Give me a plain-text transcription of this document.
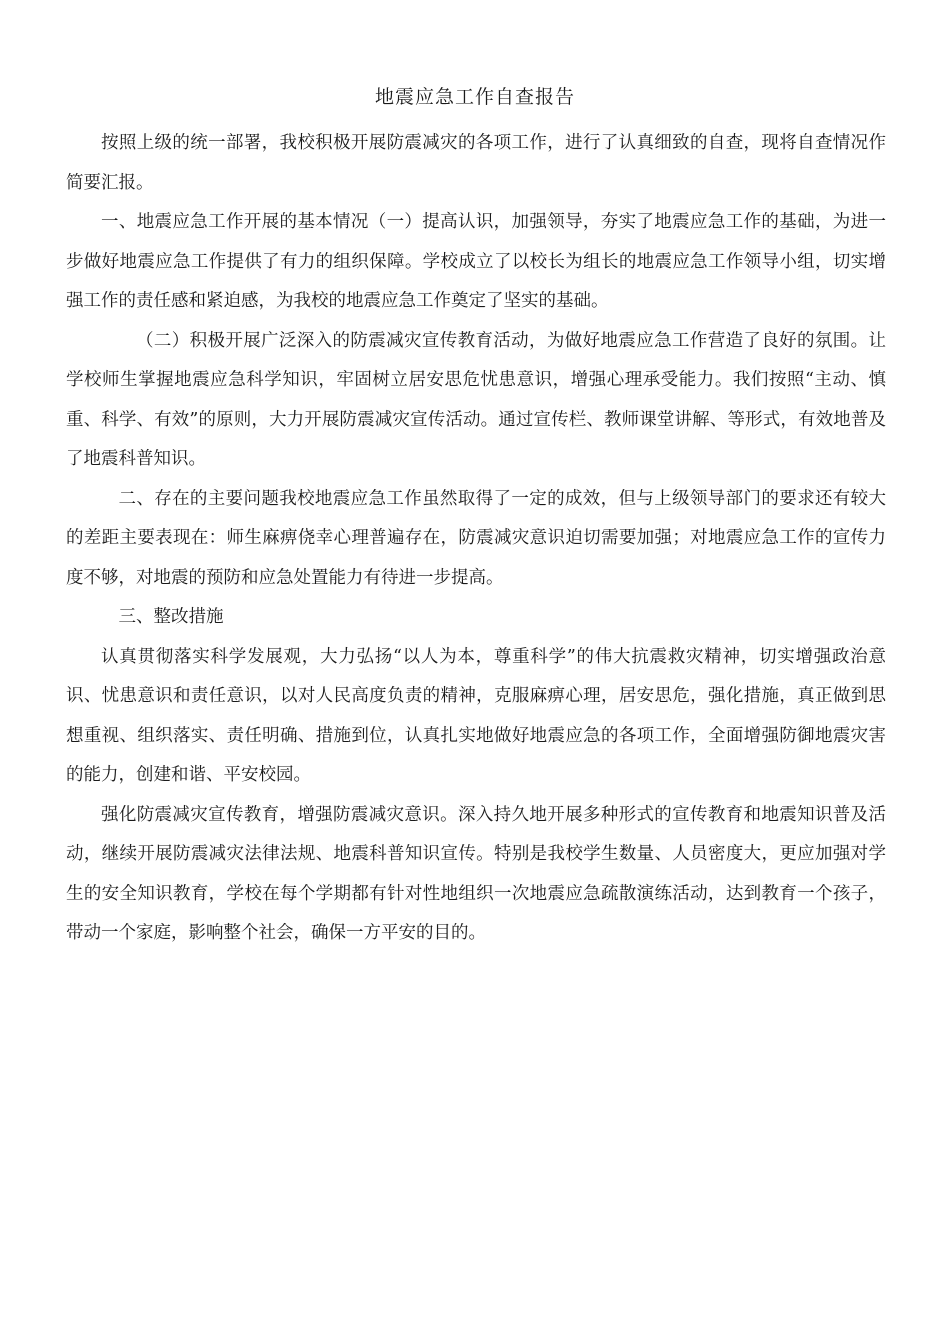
地震应急工作自查报告

按照上级的统一部署，我校积极开展防震减灾的各项工作，进行了认真细致的自查，现将自查情况作简要汇报。

一、地震应急工作开展的基本情况（一）提高认识，加强领导，夯实了地震应急工作的基础，为进一步做好地震应急工作提供了有力的组织保障。学校成立了以校长为组长的地震应急工作领导小组，切实增强工作的责任感和紧迫感，为我校的地震应急工作奠定了坚实的基础。

（二）积极开展广泛深入的防震减灾宣传教育活动，为做好地震应急工作营造了良好的氛围。让学校师生掌握地震应急科学知识，牢固树立居安思危忧患意识，增强心理承受能力。我们按照“主动、慎重、科学、有效”的原则，大力开展防震减灾宣传活动。通过宣传栏、教师课堂讲解、等形式，有效地普及了地震科普知识。

二、存在的主要问题我校地震应急工作虽然取得了一定的成效，但与上级领导部门的要求还有较大的差距主要表现在：师生麻痹侥幸心理普遍存在，防震减灾意识迫切需要加强；对地震应急工作的宣传力度不够，对地震的预防和应急处置能力有待进一步提高。

三、整改措施

认真贯彻落实科学发展观，大力弘扬“以人为本，尊重科学”的伟大抗震救灾精神，切实增强政治意识、忧患意识和责任意识，以对人民高度负责的精神，克服麻痹心理，居安思危，强化措施，真正做到思想重视、组织落实、责任明确、措施到位，认真扎实地做好地震应急的各项工作，全面增强防御地震灾害的能力，创建和谐、平安校园。

强化防震减灾宣传教育，增强防震减灾意识。深入持久地开展多种形式的宣传教育和地震知识普及活动，继续开展防震减灾法律法规、地震科普知识宣传。特别是我校学生数量、人员密度大，更应加强对学生的安全知识教育，学校在每个学期都有针对性地组织一次地震应急疏散演练活动，达到教育一个孩子，带动一个家庭，影响整个社会，确保一方平安的目的。
